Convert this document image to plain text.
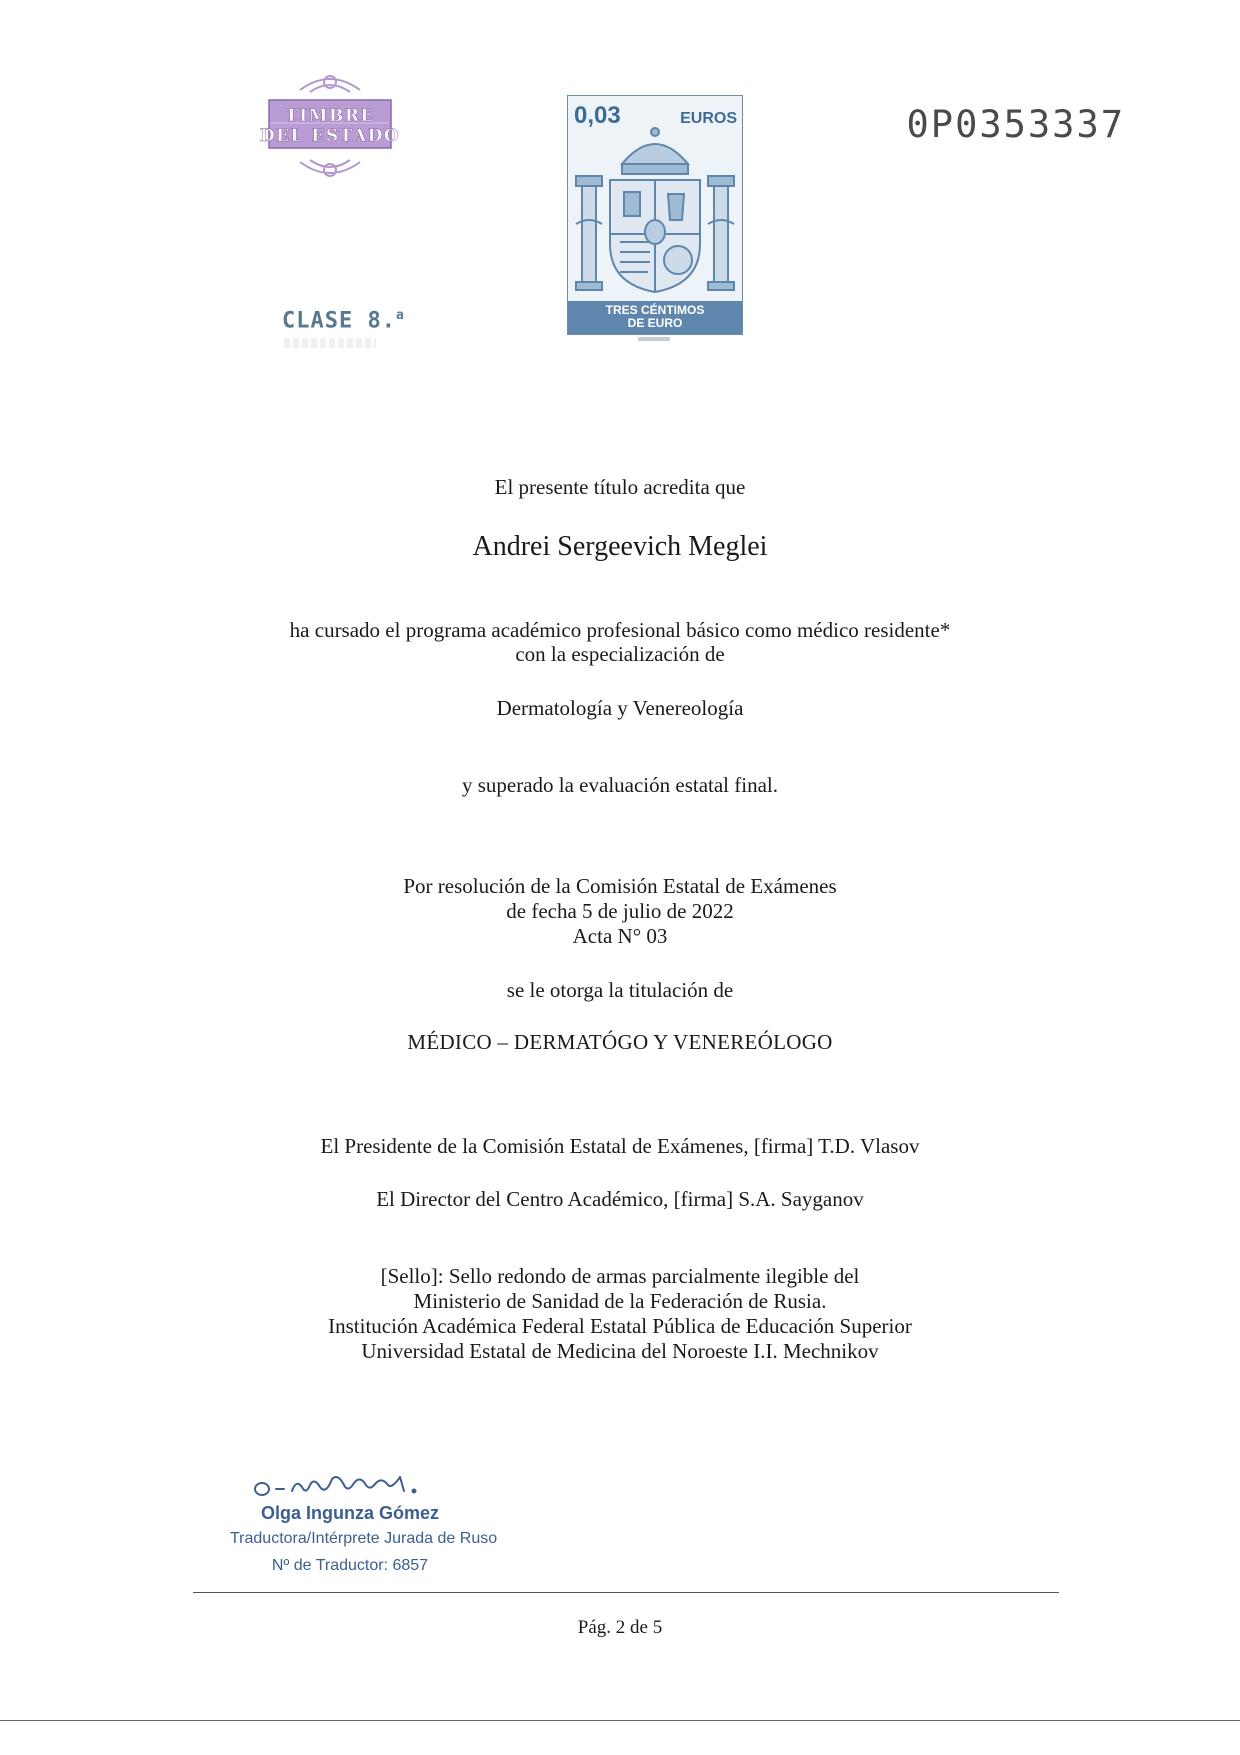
TIMBRE
DEL ESTADO
CLASE 8.$^a$
0,03	EUROS
TRES CÉNTIMOS
DE EURO
0P0353337
El presente título acredita que
Andrei Sergeevich Meglei
ha cursado el programa académico profesional básico como médico residente*
con la especialización de
Dermatología y Venereología
y superado la evaluación estatal final.
Por resolución de la Comisión Estatal de Exámenes
de fecha 5 de julio de 2022
Acta N° 03
se le otorga la titulación de
MÉDICO – DERMATÓGO Y VENEREÓLOGO
El Presidente de la Comisión Estatal de Exámenes, [firma] T.D. Vlasov
El Director del Centro Académico, [firma] S.A. Sayganov
[Sello]: Sello redondo de armas parcialmente ilegible del
Ministerio de Sanidad de la Federación de Rusia.
Institución Académica Federal Estatal Pública de Educación Superior
Universidad Estatal de Medicina del Noroeste I.I. Mechnikov
Olga Ingunza Gómez
Traductora/Intérprete Jurada de Ruso
Nº de Traductor: 6857
Pág. 2 de 5
